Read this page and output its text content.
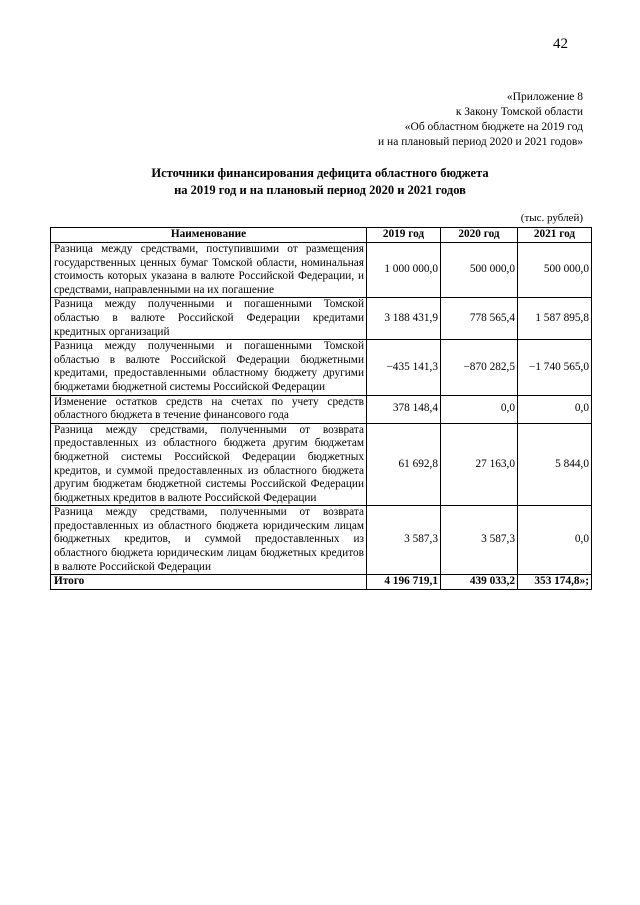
42
«Приложение 8
к Закону Томской области
«Об областном бюджете на 2019 год
и на плановый период 2020 и 2021 годов»
Источники финансирования дефицита областного бюджета
на 2019 год и на плановый период 2020 и 2021 годов
(тыс. рублей)
Наименование	2019 год	2020 год	2021 год
Разница между средствами, поступившими от размещения государственных ценных бумаг Томской области, номинальная стоимость которых указана в валюте Российской Федерации, и средствами, направленными на их погашение	1 000 000,0	500 000,0	500 000,0
Разница между полученными и погашенными Томской областью в валюте Российской Федерации кредитами кредитных организаций	3 188 431,9	778 565,4	1 587 895,8
Разница между полученными и погашенными Томской областью в валюте Российской Федерации бюджетными кредитами, предоставленными областному бюджету другими бюджетами бюджетной системы Российской Федерации	−435 141,3	−870 282,5	−1 740 565,0
Изменение остатков средств на счетах по учету средств областного бюджета в течение финансового года	378 148,4	0,0	0,0
Разница между средствами, полученными от возврата предоставленных из областного бюджета другим бюджетам бюджетной системы Российской Федерации бюджетных кредитов, и суммой предоставленных из областного бюджета другим бюджетам бюджетной системы Российской Федерации бюджетных кредитов в валюте Российской Федерации	61 692,8	27 163,0	5 844,0
Разница между средствами, полученными от возврата предоставленных из областного бюджета юридическим лицам бюджетных кредитов, и суммой предоставленных из областного бюджета юридическим лицам бюджетных кредитов в валюте Российской Федерации	3 587,3	3 587,3	0,0
Итого	4 196 719,1	439 033,2	353 174,8»;
